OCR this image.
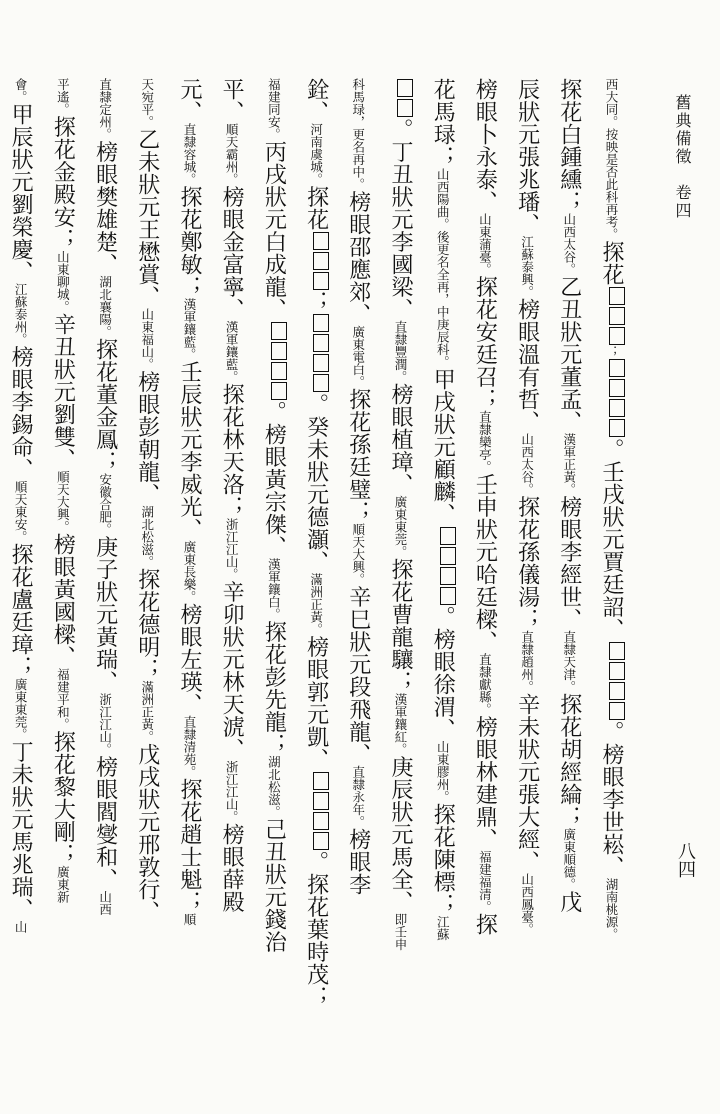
舊典備徵　卷四
八四
西大同。按映是否此科再考。探花；。壬戌狀元賈廷詔、。榜眼李世崧、湖南桃源。
探花白鍾纁；山西太谷。乙丑狀元董孟、漢軍正黃。榜眼李經世、直隸天津。探花胡經綸；廣東順德。戊
辰狀元張兆璠、江蘇泰興。榜眼溫有哲、山西太谷。探花孫儀湯；直隸趙州。辛未狀元張大經、山西鳳臺。
榜眼卜永泰、山東蒲臺。探花安廷召；直隸欒亭。壬申狀元哈廷樑、直隸獻縣。榜眼林建鼎、福建福清。探
花馬琭；山西陽曲。後更名全再，中庚辰科。甲戌狀元顧麟、。榜眼徐渭、山東膠州。探花陳標；江蘇
。丁丑狀元李國梁、直隸豐潤。榜眼植璋、廣東東莞。探花曹龍驤；漢軍鑲紅。庚辰狀元馬全、即壬申
科馬琭，更名再中。榜眼邵應郊、廣東電白。探花孫廷璧；順天大興。辛巳狀元段飛龍、直隸永年。榜眼李
銓、河南虞城。探花；。癸未狀元德灝、滿洲正黃。榜眼郭元凱、。探花葉時茂；
福建同安。丙戌狀元白成龍、。榜眼黃宗傑、漢軍鑲白。探花彭先龍；湖北松滋。己丑狀元錢治
平、順天霸州。榜眼金富寧、漢軍鑲藍。探花林天洛；浙江江山。辛卯狀元林天淲、浙江江山。榜眼薛殿
元、直隸容城。探花鄭敏；漢軍鑲藍。壬辰狀元李威光、廣東長樂。榜眼左瑛、直隸清苑。探花趙士魁；順
天宛平。乙未狀元王懋賞、山東福山。榜眼彭朝龍、湖北松滋。探花德明；滿洲正黃。戊戌狀元邢敦行、
直隸定州。榜眼樊雄楚、湖北襄陽。探花董金鳳；安徽合肥。庚子狀元黃瑞、浙江江山。榜眼閻燮和、山西
平遙。探花金殿安；山東聊城。辛丑狀元劉雙、順天大興。榜眼黃國樑、福建平和。探花黎大剛；廣東新
會。甲辰狀元劉榮慶、江蘇泰州。榜眼李錫命、順天東安。探花盧廷璋；廣東東莞。丁未狀元馬兆瑞、山
